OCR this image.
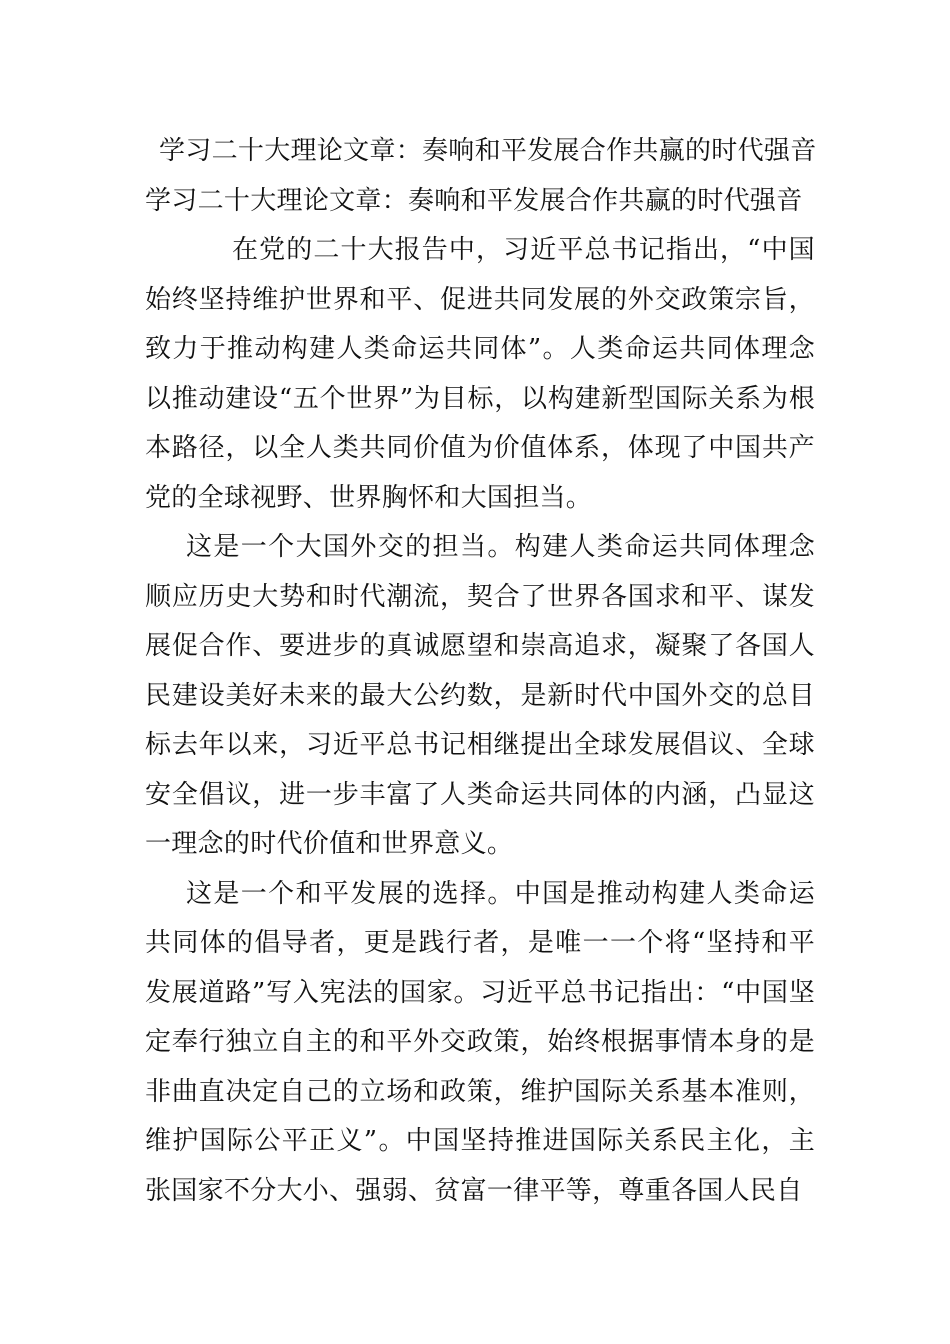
学习二十大理论文章：奏响和平发展合作共赢的时代强音

学习二十大理论文章：奏响和平发展合作共赢的时代强音

在党的二十大报告中，习近平总书记指出，“中国始终坚持维护世界和平、促进共同发展的外交政策宗旨，致力于推动构建人类命运共同体”。人类命运共同体理念以推动建设“五个世界”为目标，以构建新型国际关系为根本路径，以全人类共同价值为价值体系，体现了中国共产党的全球视野、世界胸怀和大国担当。

这是一个大国外交的担当。构建人类命运共同体理念顺应历史大势和时代潮流，契合了世界各国求和平、谋发展促合作、要进步的真诚愿望和崇高追求，凝聚了各国人民建设美好未来的最大公约数，是新时代中国外交的总目标去年以来，习近平总书记相继提出全球发展倡议、全球安全倡议，进一步丰富了人类命运共同体的内涵，凸显这一理念的时代价值和世界意义。

这是一个和平发展的选择。中国是推动构建人类命运共同体的倡导者，更是践行者，是唯一一个将“坚持和平发展道路”写入宪法的国家。习近平总书记指出：“中国坚定奉行独立自主的和平外交政策，始终根据事情本身的是非曲直决定自己的立场和政策，维护国际关系基本准则，维护国际公平正义”。中国坚持推进国际关系民主化，主张国家不分大小、强弱、贫富一律平等，尊重各国人民自
